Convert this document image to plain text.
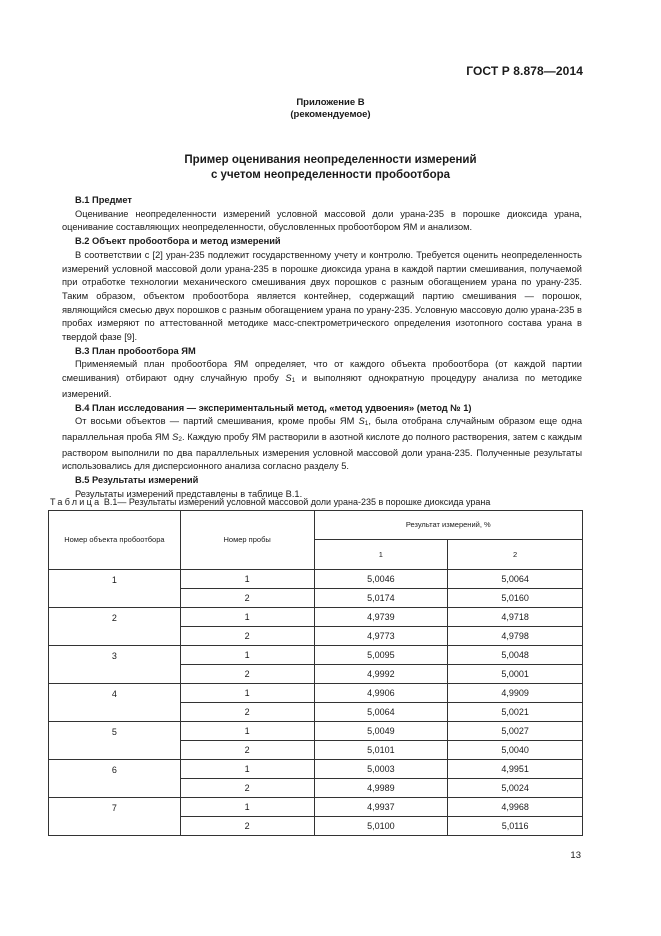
ГОСТ Р 8.878—2014
Приложение В
(рекомендуемое)
Пример оценивания неопределенности измерений
с учетом неопределенности пробоотбора

В.1 Предмет

Оценивание неопределенности измерений условной массовой доли урана-235 в порошке диоксида урана, оценивание составляющих неопределенности, обусловленных пробоотбором ЯМ и анализом.

В.2 Объект пробоотбора и метод измерений

В соответствии с [2] уран-235 подлежит государственному учету и контролю. Требуется оценить неопределенность измерений условной массовой доли урана-235 в порошке диоксида урана в каждой партии смешивания, получаемой при отработке технологии механического смешивания двух порошков с разным обогащением урана по урану-235. Таким образом, объектом пробоотбора является контейнер, содержащий партию смешивания — порошок, являющийся смесью двух порошков с разным обогащением урана по урану-235. Условную массовую долю урана-235 в пробах измеряют по аттестованной методике масс-спектрометрического определения изотопного состава урана в твердой фазе [9].

В.3 План пробоотбора ЯМ

Применяемый план пробоотбора ЯМ определяет, что от каждого объекта пробоотбора (от каждой партии смешивания) отбирают одну случайную пробу S1 и выполняют однократную процедуру анализа по методике измерений.

В.4 План исследования — экспериментальный метод, «метод удвоения» (метод № 1)

От восьми объектов — партий смешивания, кроме пробы ЯМ S1, была отобрана случайным образом еще одна параллельная проба ЯМ S2. Каждую пробу ЯМ растворили в азотной кислоте до полного растворения, затем с каждым раствором выполнили по два параллельных измерения условной массовой доли урана-235. Полученные результаты использовались для дисперсионного анализа согласно разделу 5.

В.5 Результаты измерений

Результаты измерений представлены в таблице В.1.

Таблица В.1— Результаты измерений условной массовой доли урана-235 в порошке диоксида урана
Номер объекта пробоотбора	Номер пробы	Результат измерений, %	
		1	2
1	1	5,0046	5,0064
	2	5,0174	5,0160
2	1	4,9739	4,9718
	2	4,9773	4,9798
3	1	5,0095	5,0048
	2	4,9992	5,0001
4	1	4,9906	4,9909
	2	5,0064	5,0021
5	1	5,0049	5,0027
	2	5,0101	5,0040
6	1	5,0003	4,9951
	2	4,9989	5,0024
7	1	4,9937	4,9968
	2	5,0100	5,0116
13
